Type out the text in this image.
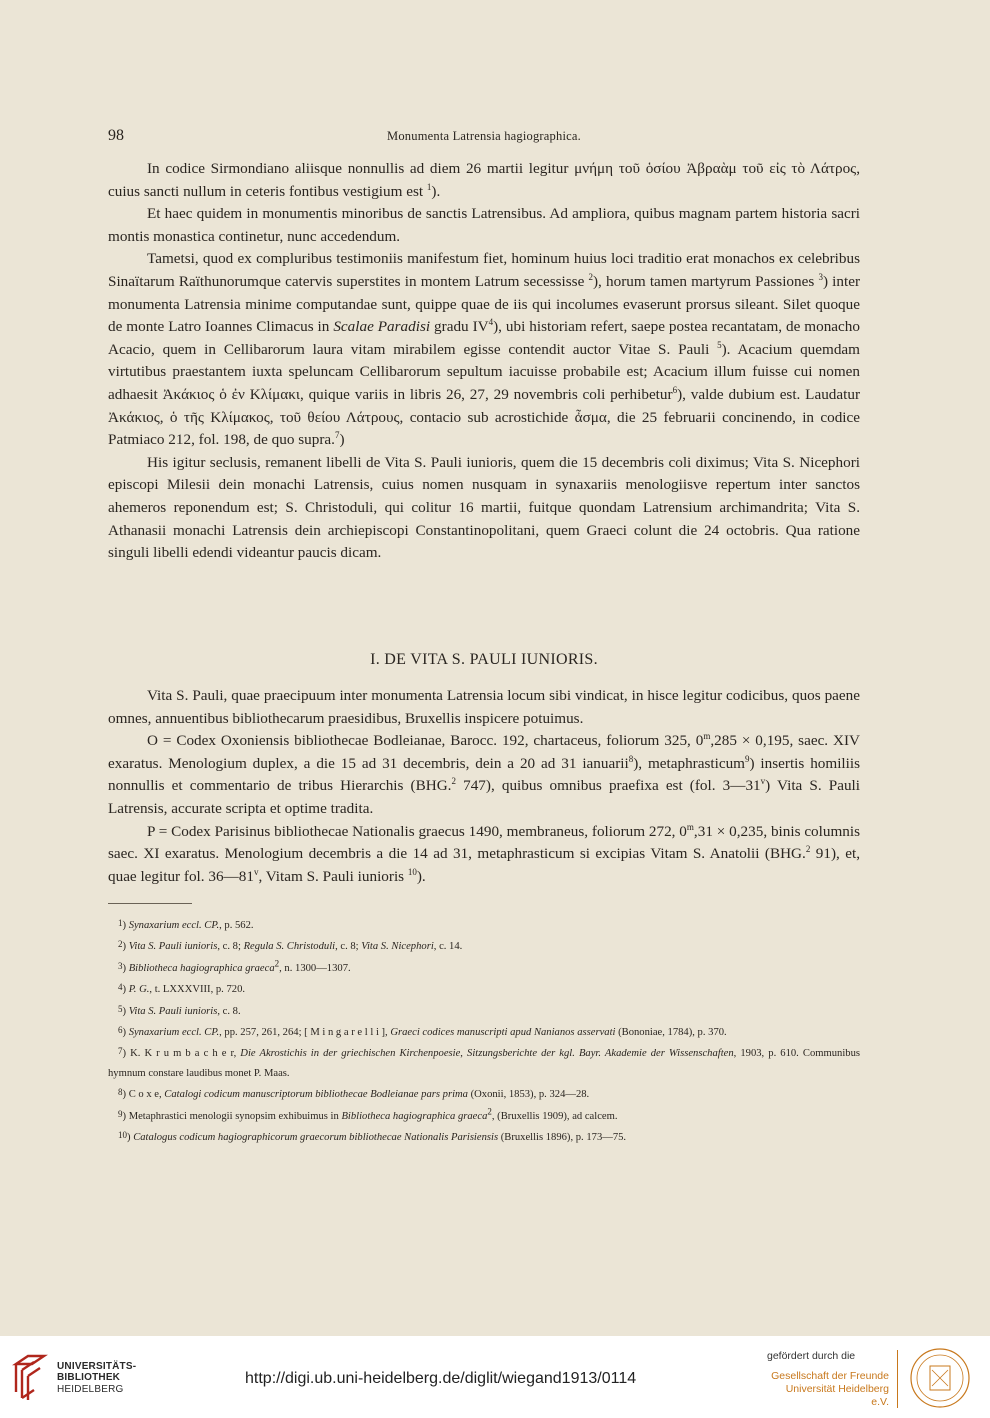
98	Monumenta Latrensia hagiographica.

In codice Sirmondiano aliisque nonnullis ad diem 26 martii legitur μνήμη τοῦ ὁσίου Ἀβραὰμ τοῦ εἰς τὸ Λάτρος, cuius sancti nullum in ceteris fontibus vestigium est $^1$).

Et haec quidem in monumentis minoribus de sanctis Latrensibus. Ad ampliora, quibus magnam partem historia sacri montis monastica continetur, nunc accedendum.

Tametsi, quod ex compluribus testimoniis manifestum fiet, hominum huius loci traditio erat monachos ex celebribus Sinaïtarum Raïthunorumque catervis superstites in montem Latrum secessisse $^2$), horum tamen martyrum Passiones $^3$) inter monumenta Latrensia minime computandae sunt, quippe quae de iis qui incolumes evaserunt prorsus sileant. Silet quoque de monte Latro Ioannes Climacus in Scalae Paradisi gradu $IV^4$), ubi historiam refert, saepe postea recantatam, de monacho Acacio, quem in Cellibarorum laura vitam mirabilem egisse contendit auctor Vitae S. Pauli $^5$). Acacium quemdam virtutibus praestantem iuxta speluncam Cellibarorum sepultum iacuisse probabile est; Acacium illum fuisse cui nomen adhaesit Ἀκάκιος ὁ ἐν Κλίμακι, quique variis in libris 26, 27, 29 novembris coli perhibetur$^6$), valde dubium est. Laudatur Ἀκάκιος, ὁ τῆς Κλίμακος, τοῦ θείου Λάτρους, contacio sub acrostichide ἆσμα, die 25 februarii concinendo, in codice Patmiaco 212, fol. 198, de quo supra.$^7$)

His igitur seclusis, remanent libelli de Vita S. Pauli iunioris, quem die 15 decembris coli diximus; Vita S. Nicephori episcopi Milesii dein monachi Latrensis, cuius nomen nusquam in synaxariis menologiisve repertum inter sanctos ahemeros reponendum est; S. Christoduli, qui colitur 16 martii, fuitque quondam Latrensium archimandrita; Vita S. Athanasii monachi Latrensis dein archiepiscopi Constantinopolitani, quem Graeci colunt die 24 octobris. Qua ratione singuli libelli edendi videantur paucis dicam.

I. DE VITA S. PAULI IUNIORIS.

Vita S. Pauli, quae praecipuum inter monumenta Latrensia locum sibi vindicat, in hisce legitur codicibus, quos paene omnes, annuentibus bibliothecarum praesidibus, Bruxellis inspicere potuimus.

O = Codex Oxoniensis bibliothecae Bodleianae, Barocc. 192, chartaceus, foliorum 325, $0^m,285 \times 0,195$, saec. XIV exaratus. Menologium duplex, a die 15 ad 31 decembris, dein a 20 ad 31 ianuarii$^8$), metaphrasticum$^9$) insertis homiliis nonnullis et commentario de tribus Hierarchis (BHG.$^2$ 747), quibus omnibus praefixa est (fol. 3—31$^v$) Vita S. Pauli Latrensis, accurate scripta et optime tradita.

P = Codex Parisinus bibliothecae Nationalis graecus 1490, membraneus, foliorum 272, $0^m,31 \times 0,235$, binis columnis saec. XI exaratus. Menologium decembris a die 14 ad 31, metaphrasticum si excipias Vitam S. Anatolii (BHG.$^2$ 91), et, quae legitur fol. 36—81$^v$, Vitam S. Pauli iunioris $^{10}$).

1) Synaxarium eccl. CP., p. 562.

2) Vita S. Pauli iunioris, c. 8; Regula S. Christoduli, c. 8; Vita S. Nicephori, c. 14.

3) Bibliotheca hagiographica graeca$^2$, n. 1300—1307.

4) P. G., t. LXXXVIII, p. 720.

5) Vita S. Pauli iunioris, c. 8.

6) Synaxarium eccl. CP., pp. 257, 261, 264; [ M i n g a r e l l i ], Graeci codices manuscripti apud Nanianos asservati (Bononiae, 1784), p. 370.

7) K. K r u m b a c h e r, Die Akrostichis in der griechischen Kirchenpoesie, Sitzungsberichte der kgl. Bayr. Akademie der Wissenschaften, 1903, p. 610. Communibus hymnum constare laudibus monet P. Maas.

8) C o x e, Catalogi codicum manuscriptorum bibliothecae Bodleianae pars prima (Oxonii, 1853), p. 324—28.

9) Metaphrastici menologii synopsim exhibuimus in Bibliotheca hagiographica graeca$^2$, (Bruxellis 1909), ad calcem.

10) Catalogus codicum hagiographicorum graecorum bibliothecae Nationalis Parisiensis (Bruxellis 1896), p. 173—75.

UNIVERSITÄTS-
BIBLIOTHEK
HEIDELBERG
http://digi.ub.uni-heidelberg.de/diglit/wiegand1913/0114
gefördert durch die
Gesellschaft der Freunde
Universität Heidelberg e.V.
